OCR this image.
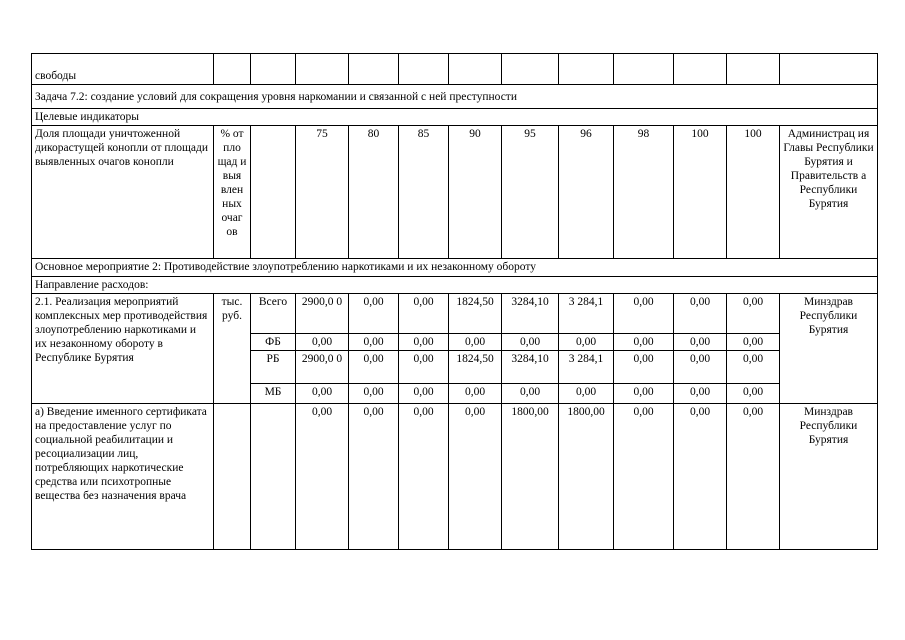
свободы												
Задача 7.2: создание условий для сокращения уровня наркомании и связанной с ней преступности												
Целевые индикаторы												
Доля площади уничтоженной дикорастущей конопли от площади выявленных очагов конопли	% от пло щад и выя влен ных очаг ов		75	80	85	90	95	96	98	100	100	Администрац ия Главы Республики Бурятия и Правительств а Республики Бурятия
Основное мероприятие 2: Противодействие злоупотреблению наркотиками и их незаконному обороту												
Направление расходов:												
2.1. Реализация мероприятий комплексных мер противодействия злоупотреблению наркотиками и их незаконному обороту в Республике Бурятия	тыс. руб.	Всего	2900,0 0	0,00	0,00	1824,50	3284,10	3 284,1	0,00	0,00	0,00	Минздрав Республики Бурятия
		ФБ	0,00	0,00	0,00	0,00	0,00	0,00	0,00	0,00	0,00	
		РБ	2900,0 0	0,00	0,00	1824,50	3284,10	3 284,1	0,00	0,00	0,00	
		МБ	0,00	0,00	0,00	0,00	0,00	0,00	0,00	0,00	0,00	
а) Введение именного сертификата на предоставление услуг по социальной реабилитации и ресоциализации лиц, потребляющих наркотические средства или психотропные вещества без назначения врача			0,00	0,00	0,00	0,00	1800,00	1800,00	0,00	0,00	0,00	Минздрав Республики Бурятия
